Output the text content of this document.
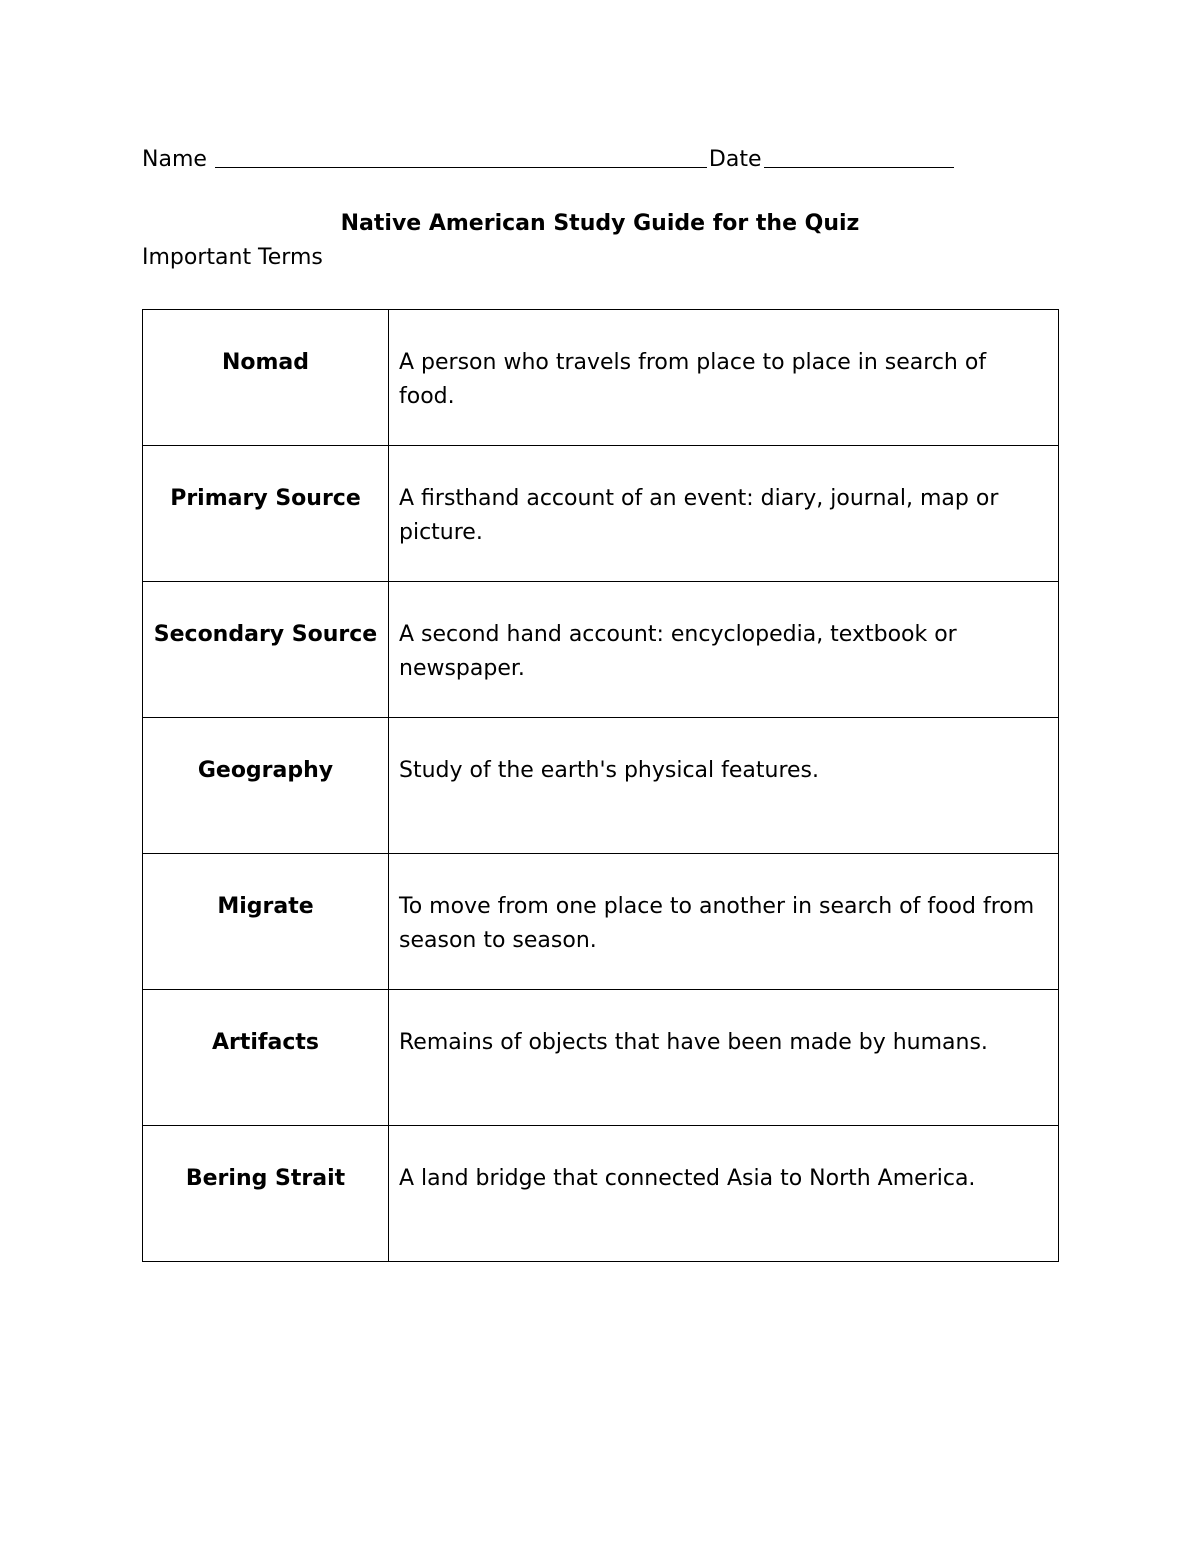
Name	Date
Native American Study Guide for the Quiz
Important Terms
Nomad	A person who travels from place to place in search of food.

Primary Source	A firsthand account of an event: diary, journal, map or picture.

Secondary Source	A second hand account: encyclopedia, textbook or newspaper.

Geography	Study of the earth's physical features.

Migrate	To move from one place to another in search of food from season to season.

Artifacts	Remains of objects that have been made by humans.

Bering Strait	A land bridge that connected Asia to North America.
